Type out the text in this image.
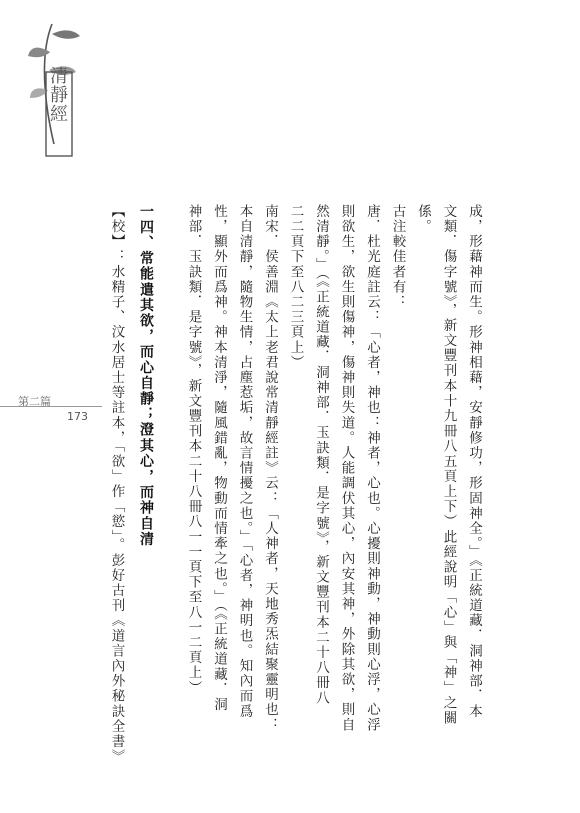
清靜經
第二篇
173	成，形藉神而生。形神相藉，安靜修功，形固神全。」《正統道藏．洞神部．本

文類．傷字號》，新文豐刊本十九冊八五頁上下）此經說明「心」與「神」之關

係。

古注較佳者有：

唐．杜光庭註云：「心者，神也：神者，心也。心擾則神動，神動則心浮，心浮

則欲生，欲生則傷神，傷神則失道。人能調伏其心，內安其神，外除其欲，則自

然清靜。」（《正統道藏．洞神部．玉訣類．是字號》，新文豐刊本二十八冊八

二二頁下至八二三頁上）

南宋．侯善淵《太上老君說常清靜經註》云：「人神者，天地秀炁結聚靈明也：

本自清靜，隨物生情，占塵惹垢，故言情擾之也。」「心者，神明也。知內而爲

性，顯外而爲神。神本清淨，隨風錯亂，物動而情牽之也。」（《正統道藏．洞

神部．玉訣類．是字號》，新文豐刊本二十八冊八一一頁下至八一二頁上）

一四、常能遣其欲，而心自靜；澄其心，而神自清

【校】：水精子、汶水居士等註本，「欲」作「慾」。彭好古刊《道言內外秘訣全書》
